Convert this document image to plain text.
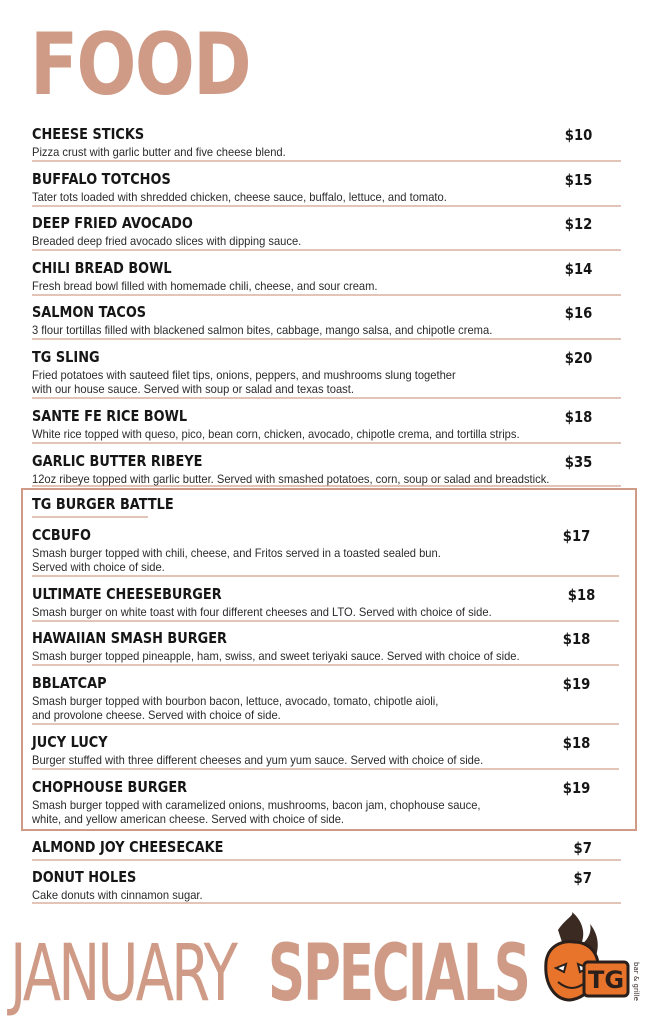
FOOD
CHEESE STICKS	$10
Pizza crust with garlic butter and five cheese blend.
BUFFALO TOTCHOS	$15
Tater tots loaded with shredded chicken, cheese sauce, buffalo, lettuce, and tomato.
DEEP FRIED AVOCADO	$12
Breaded deep fried avocado slices with dipping sauce.
CHILI BREAD BOWL	$14
Fresh bread bowl filled with homemade chili, cheese, and sour cream.
SALMON TACOS	$16
3 flour tortillas filled with blackened salmon bites, cabbage, mango salsa, and chipotle crema.
TG SLING	$20
Fried potatoes with sauteed filet tips, onions, peppers, and mushrooms slung together
with our house sauce. Served with soup or salad and texas toast.
SANTE FE RICE BOWL	$18
White rice topped with queso, pico, bean corn, chicken, avocado, chipotle crema, and tortilla strips.
GARLIC BUTTER RIBEYE	$35
12oz ribeye topped with garlic butter. Served with smashed potatoes, corn, soup or salad and breadstick.
TG BURGER BATTLE
CCBUFO	$17
Smash burger topped with chili, cheese, and Fritos served in a toasted sealed bun.
Served with choice of side.
ULTIMATE CHEESEBURGER	$18
Smash burger on white toast with four different cheeses and LTO. Served with choice of side.
HAWAIIAN SMASH BURGER	$18
Smash burger topped pineapple, ham, swiss, and sweet teriyaki sauce. Served with choice of side.
BBLATCAP	$19
Smash burger topped with bourbon bacon, lettuce, avocado, tomato, chipotle aioli,
and provolone cheese. Served with choice of side.
JUCY LUCY	$18
Burger stuffed with three different cheeses and yum yum sauce. Served with choice of side.
CHOPHOUSE BURGER	$19
Smash burger topped with caramelized onions, mushrooms, bacon jam, chophouse sauce,
white, and yellow american cheese. Served with choice of side.
ALMOND JOY CHEESECAKE	$7
DONUT HOLES	$7
Cake donuts with cinnamon sugar.
JANUARY SPECIALS TG bar & grille
